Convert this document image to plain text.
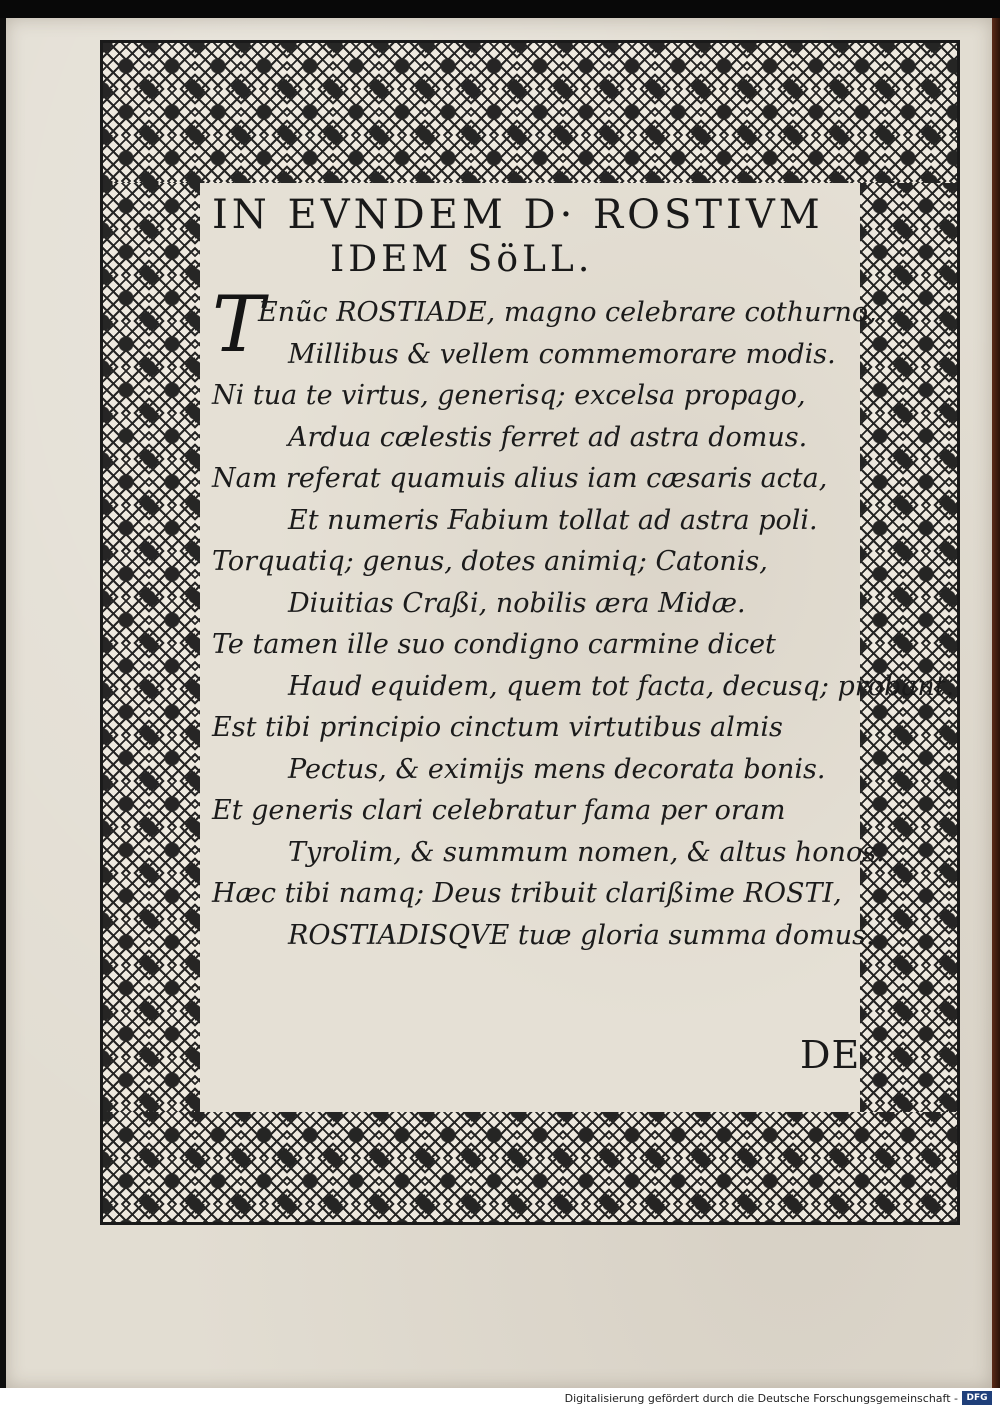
IN EVNDEM D· ROSTIVM
IDEM SöLL.
T
Enũc ROSTIADE, magno celebrare cothurno,
Millibus & vellem commemorare modis.
Ni tua te virtus, generisq; excelsa propago,
Ardua cælestis ferret ad astra domus.
Nam referat quamuis alius iam cæsaris acta,
Et numeris Fabium tollat ad astra poli.
Torquatiq; genus, dotes animiq; Catonis,
Diuitias Craßi, nobilis æra Midæ.
Te tamen ille suo condigno carmine dicet
Haud equidem, quem tot facta, decusq; probant.
Est tibi principio cinctum virtutibus almis
Pectus, & eximijs mens decorata bonis.
Et generis clari celebratur fama per oram
Tyrolim, & summum nomen, & altus honos.
Hæc tibi namq; Deus tribuit clarißime ROSTI,
ROSTIADISQVE tuæ gloria summa domus.
DE
Digitalisierung gefördert durch die Deutsche Forschungsgemeinschaft - DFG
